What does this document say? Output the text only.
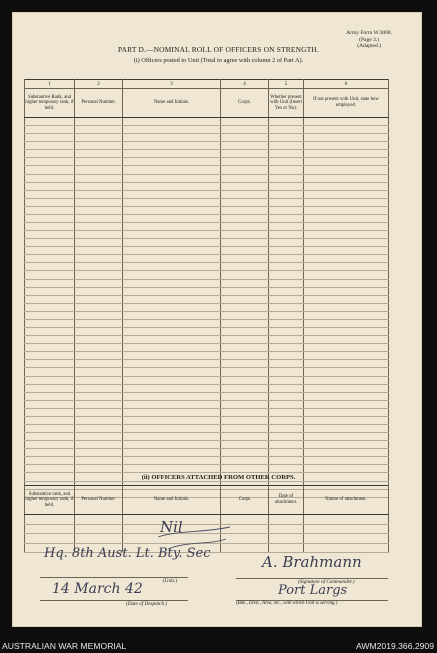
Army Form W.3008.
(Page 3.)
(Adapted.)
PART D.—NOMINAL ROLL OF OFFICERS ON STRENGTH.
(i) Officers posted to Unit (Total to agree with column 2 of Part A).
1	2	3	4	5	6
Substantive Rank, and higher temporary rank, if held.	Personal Number.	Name and Initials.	Corps.	Whether present with Unit (Insert Yes or No).	If not present with Unit, state how employed.

(ii) OFFICERS ATTACHED FROM OTHER CORPS.
Substantive rank, and higher temporary rank, if held.	Personal Number.	Name and Initials.	Corps	Date of attachment.	Nature of attachment.

Nil
Hq. 8th Aust. Lt. Bty. Sec
(Unit.)
14 March 42
(Date of Despatch.)
A. Brahmann
(Signature of Commander.)
Port Largs
(Bde., Divn., Area, etc., with which Unit is serving.)
AUSTRALIAN WAR MEMORIAL	AWM2019.366.2909
